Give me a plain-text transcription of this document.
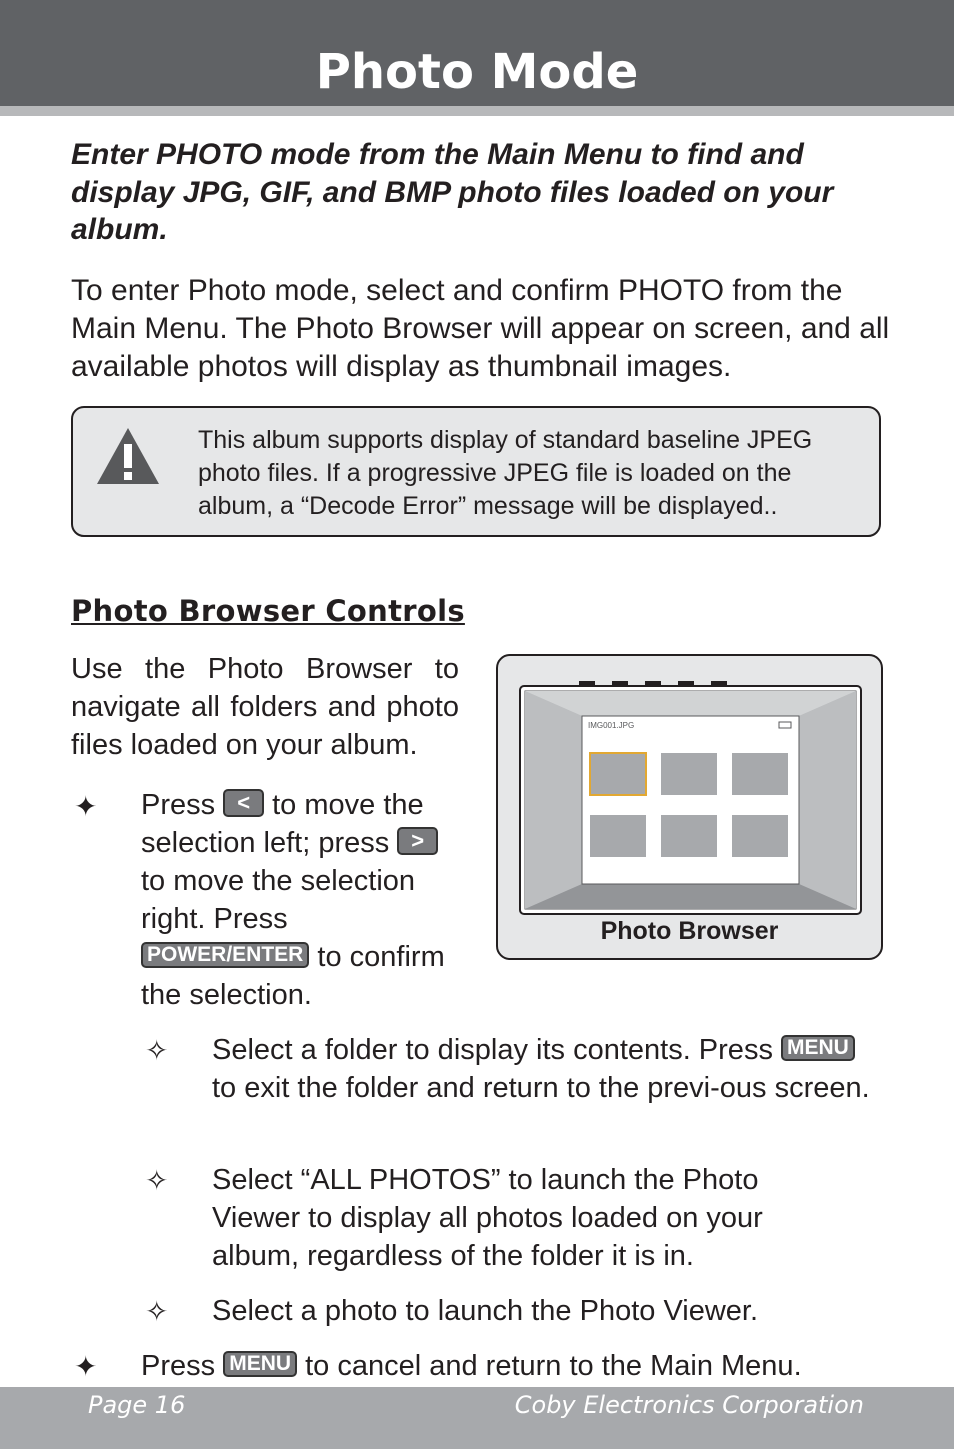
Photo Mode

Enter PHOTO mode from the Main Menu to find and display JPG, GIF, and BMP photo files loaded on your album.

To enter Photo mode, select and confirm PHOTO from the Main Menu. The Photo Browser will appear on screen, and all available photos will display as thumbnail images.

This album supports display of standard baseline JPEG photo files. If a progressive JPEG file is loaded on the album, a “Decode Error” message will be displayed..

Photo Browser Controls

Use the Photo Browser to navigate all folders and photo files loaded on your album.

✦ Press < to move the selection left; press > to move the selection right. Press POWER/ENTER to confirm the selection.

IMG001.JPG
Photo Browser
✧ Select a folder to display its contents. Press MENU to exit the folder and return to the previ-ous screen.

✧ Select “ALL PHOTOS” to launch the Photo Viewer to display all photos loaded on your album, regardless of the folder it is in.

✧ Select a photo to launch the Photo Viewer.

✦ Press MENU to cancel and return to the Main Menu.

Page 16	Coby Electronics Corporation
